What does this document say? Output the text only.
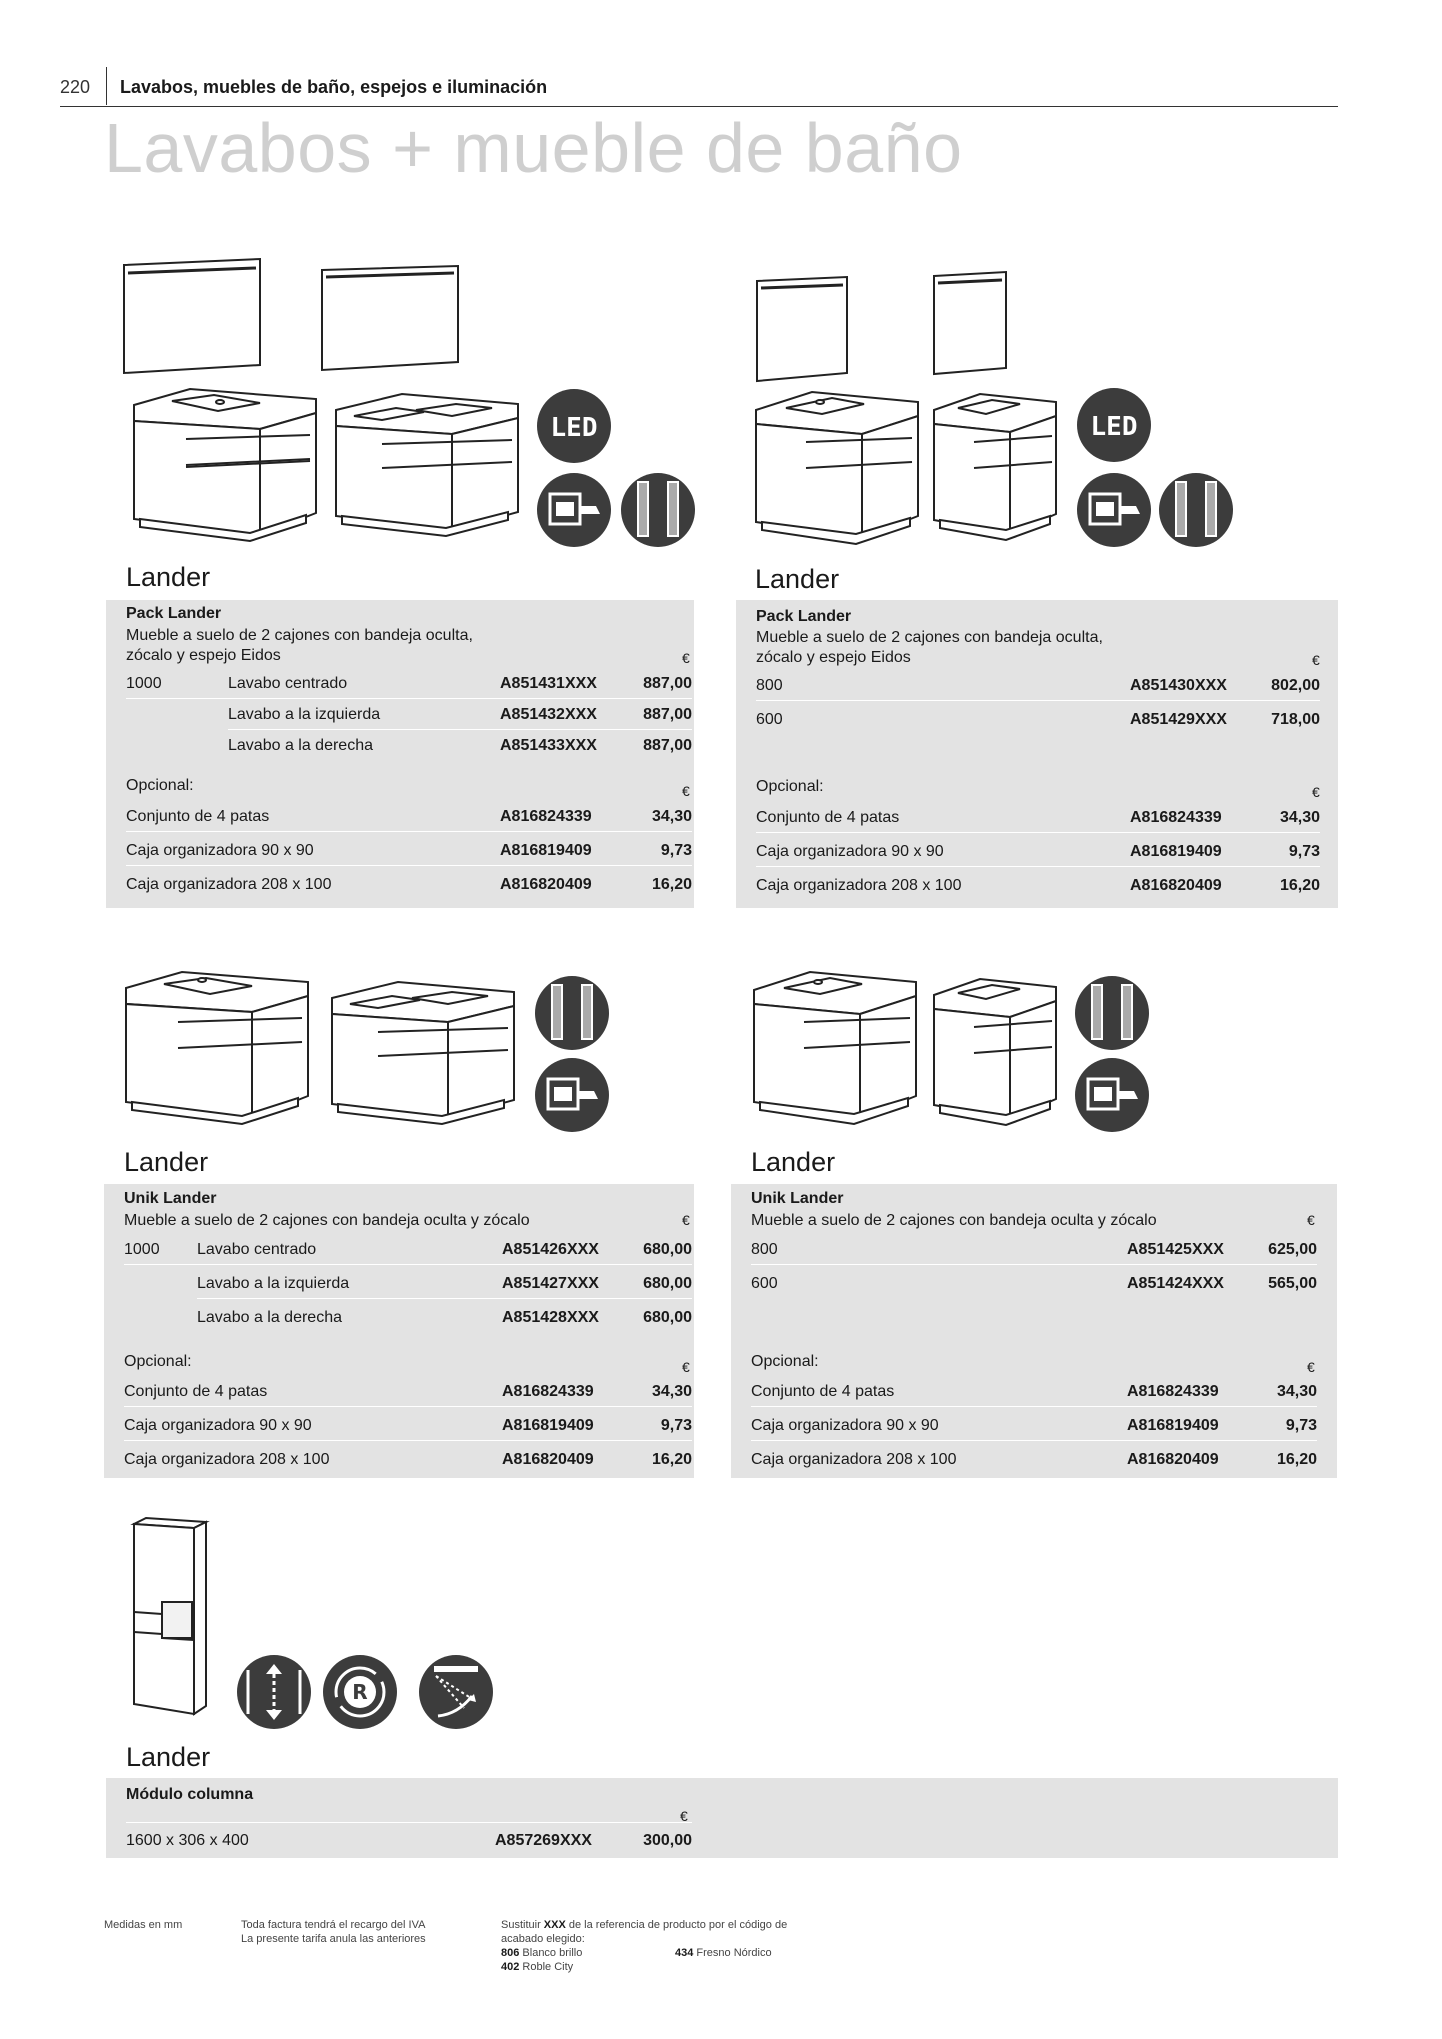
220 Lavabos, muebles de baño, espejos e iluminación
Lavabos + mueble de baño
LED	LED
Lander
Pack Lander
Mueble a suelo de 2 cajones con bandeja oculta,
zócalo y espejo Eidos	€
1000	Lavabo centrado	A851431XXX	887,00
Lavabo a la izquierda	A851432XXX	887,00
Lavabo a la derecha	A851433XXX	887,00
Opcional:	€
Conjunto de 4 patas	A816824339	34,30
Caja organizadora 90 x 90	A816819409	9,73
Caja organizadora 208 x 100	A816820409	16,20
Lander
Pack Lander
Mueble a suelo de 2 cajones con bandeja oculta,
zócalo y espejo Eidos	€
800	A851430XXX	802,00
600	A851429XXX	718,00
Opcional:	€
Conjunto de 4 patas	A816824339	34,30
Caja organizadora 90 x 90	A816819409	9,73
Caja organizadora 208 x 100	A816820409	16,20
Lander
Unik Lander
Mueble a suelo de 2 cajones con bandeja oculta y zócalo	€
1000 Lavabo centrado	A851426XXX	680,00
Lavabo a la izquierda	A851427XXX	680,00
Lavabo a la derecha	A851428XXX	680,00
Opcional:	€
Conjunto de 4 patas	A816824339	34,30
Caja organizadora 90 x 90	A816819409	9,73
Caja organizadora 208 x 100	A816820409	16,20
Lander
Unik Lander
Mueble a suelo de 2 cajones con bandeja oculta y zócalo	€
800	A851425XXX	625,00
600	A851424XXX	565,00
Opcional:	€
Conjunto de 4 patas	A816824339	34,30
Caja organizadora 90 x 90	A816819409	9,73
Caja organizadora 208 x 100	A816820409	16,20
R
Lander
Módulo columna
€
1600 x 306 x 400	A857269XXX	300,00
Medidas en mm	Toda factura tendrá el recargo del IVA
La presente tarifa anula las anteriores
Sustituir XXX de la referencia de producto por el código de
acabado elegido:
806 Blanco brillo	434 Fresno Nórdico
402 Roble City
